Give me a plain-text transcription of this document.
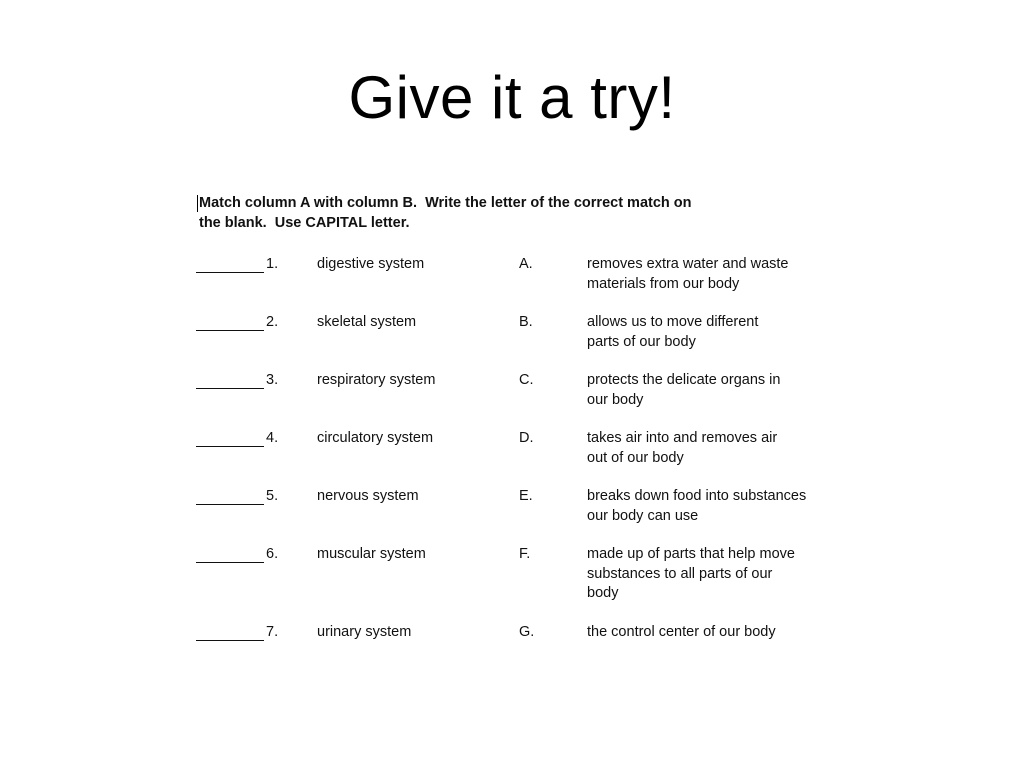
Give it a try!
Match column A with column B.  Write the letter of the correct match on
the blank.  Use CAPITAL letter.
1.	digestive system	A.	removes extra water and waste
materials from our body
2.	skeletal system	B.	allows us to move different
parts of our body
3.	respiratory system	C.	protects the delicate organs in
our body
4.	circulatory system	D.	takes air into and removes air
out of our body
5.	nervous system	E.	breaks down food into substances
our body can use
6.	muscular system	F.	made up of parts that help move
substances to all parts of our
body
7.	urinary system	G.	the control center of our body
